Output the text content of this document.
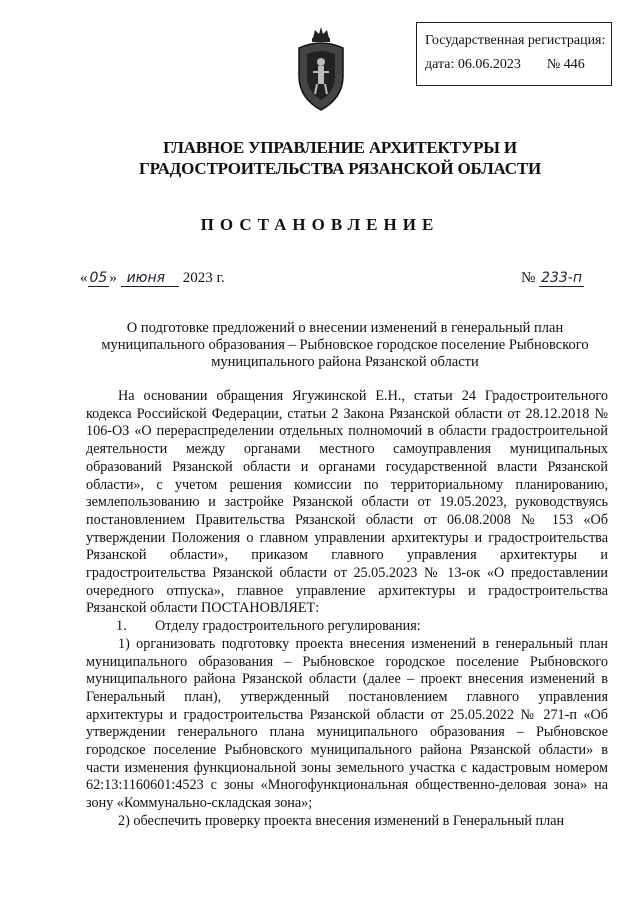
Государственная регистрация:
дата: 06.06.2023 № 446
ГЛАВНОЕ УПРАВЛЕНИЕ АРХИТЕКТУРЫ И ГРАДОСТРОИТЕЛЬСТВА РЯЗАНСКОЙ ОБЛАСТИ
ПОСТАНОВЛЕНИЕ
« 05 » июня 2023 г.	№ 233-п
О подготовке предложений о внесении изменений в генеральный план муниципального образования – Рыбновское городское поселение Рыбновского муниципального района Рязанской области

На основании обращения Ягужинской Е.Н., статьи 24 Градостроительного кодекса Российской Федерации, статьи 2 Закона Рязанской области от 28.12.2018 № 106-ОЗ «О перераспределении отдельных полномочий в области градостроительной деятельности между органами местного самоуправления муниципальных образований Рязанской области и органами государственной власти Рязанской области», с учетом решения комиссии по территориальному планированию, землепользованию и застройке Рязанской области от 19.05.2023, руководствуясь постановлением Правительства Рязанской области от 06.08.2008 № 153 «Об утверждении Положения о главном управлении архитектуры и градостроительства Рязанской области», приказом главного управления архитектуры и градостроительства Рязанской области от 25.05.2023 № 13-ок «О предоставлении очередного отпуска», главное управление архитектуры и градостроительства Рязанской области ПОСТАНОВЛЯЕТ:

1.        Отделу градостроительного регулирования:

1) организовать подготовку проекта внесения изменений в генеральный план муниципального образования – Рыбновское городское поселение Рыбновского муниципального района Рязанской области (далее – проект внесения изменений в Генеральный план), утвержденный постановлением главного управления архитектуры и градостроительства Рязанской области от 25.05.2022 № 271-п «Об утверждении генерального плана муниципального образования – Рыбновское городское поселение Рыбновского муниципального района Рязанской области» в части изменения функциональной зоны земельного участка с кадастровым номером 62:13:1160601:4523 с зоны «Многофункциональная общественно-деловая зона» на зону «Коммунально-складская зона»;

2) обеспечить проверку проекта внесения изменений в Генеральный план
